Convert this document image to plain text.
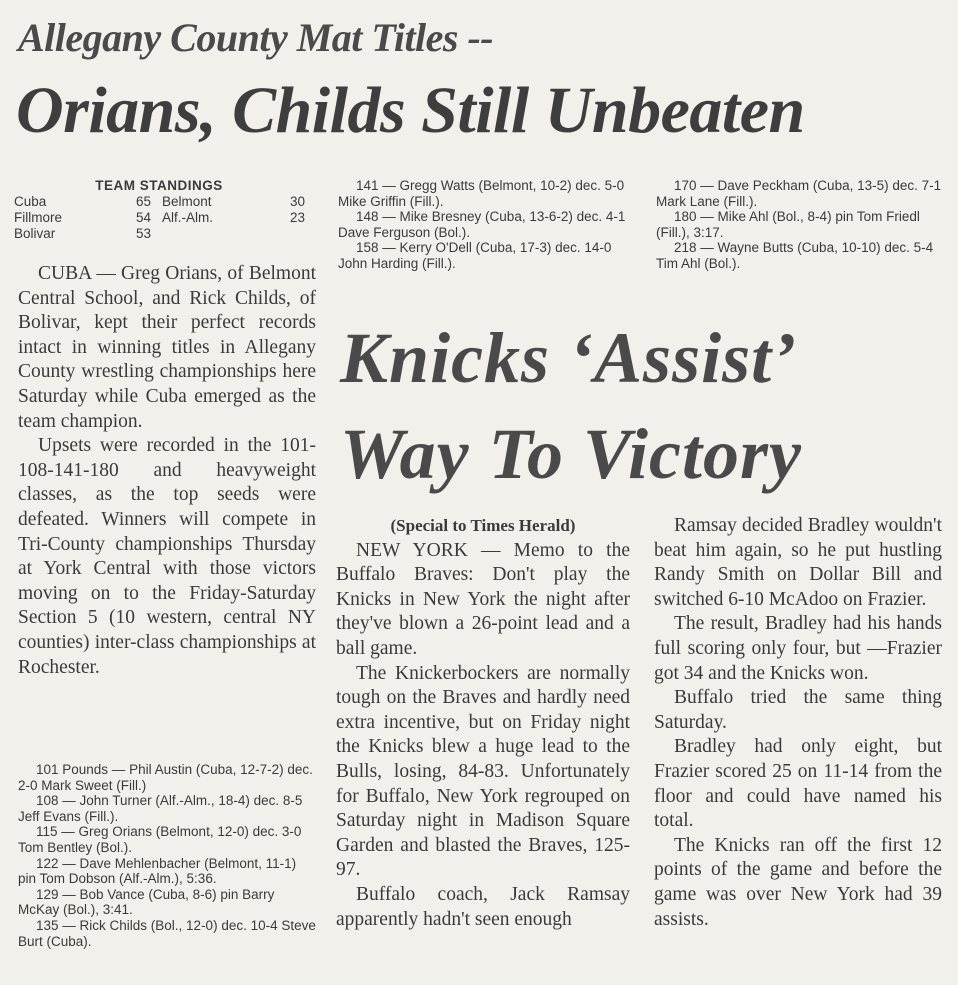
Allegany County Mat Titles --
Orians, Childs Still Unbeaten
TEAM STANDINGS
Cuba	65 Belmont	30
Fillmore	54 Alf.-Alm.	23
Bolivar	53

CUBA — Greg Orians, of Belmont Central School, and Rick Childs, of Bolivar, kept their perfect records intact in winning titles in Allegany County wrestling championships here Saturday while Cuba emerged as the team champion.

Upsets were recorded in the 101-108-141-180 and heavyweight classes, as the top seeds were defeated. Winners will compete in Tri-County championships Thursday at York Central with those victors moving on to the Friday-Saturday Section 5 (10 western, central NY counties) inter-class championships at Rochester.

101 Pounds — Phil Austin (Cuba, 12-7-2) dec. 2-0 Mark Sweet (Fill.)

108 — John Turner (Alf.-Alm., 18-4) dec. 8-5 Jeff Evans (Fill.).

115 — Greg Orians (Belmont, 12-0) dec. 3-0 Tom Bentley (Bol.).

122 — Dave Mehlenbacher (Belmont, 11-1) pin Tom Dobson (Alf.-Alm.), 5:36.

129 — Bob Vance (Cuba, 8-6) pin Barry McKay (Bol.), 3:41.

135 — Rick Childs (Bol., 12-0) dec. 10-4 Steve Burt (Cuba).

141 — Gregg Watts (Belmont, 10-2) dec. 5-0 Mike Griffin (Fill.).

148 — Mike Bresney (Cuba, 13-6-2) dec. 4-1 Dave Ferguson (Bol.).

158 — Kerry O'Dell (Cuba, 17-3) dec. 14-0 John Harding (Fill.).

170 — Dave Peckham (Cuba, 13-5) dec. 7-1 Mark Lane (Fill.).

180 — Mike Ahl (Bol., 8-4) pin Tom Friedl (Fill.), 3:17.

218 — Wayne Butts (Cuba, 10-10) dec. 5-4 Tim Ahl (Bol.).

Knicks ‘Assist’
Way To Victory
(Special to Times Herald)

NEW YORK — Memo to the Buffalo Braves: Don't play the Knicks in New York the night after they've blown a 26-point lead and a ball game.

The Knickerbockers are normally tough on the Braves and hardly need extra incentive, but on Friday night the Knicks blew a huge lead to the Bulls, losing, 84-83. Unfortunately for Buffalo, New York regrouped on Saturday night in Madison Square Garden and blasted the Braves, 125-97.

Buffalo coach, Jack Ramsay apparently hadn't seen enough

Ramsay decided Bradley wouldn't beat him again, so he put hustling Randy Smith on Dollar Bill and switched 6-10 McAdoo on Frazier.

The result, Bradley had his hands full scoring only four, but —Frazier got 34 and the Knicks won.

Buffalo tried the same thing Saturday.

Bradley had only eight, but Frazier scored 25 on 11-14 from the floor and could have named his total.

The Knicks ran off the first 12 points of the game and before the game was over New York had 39 assists.
